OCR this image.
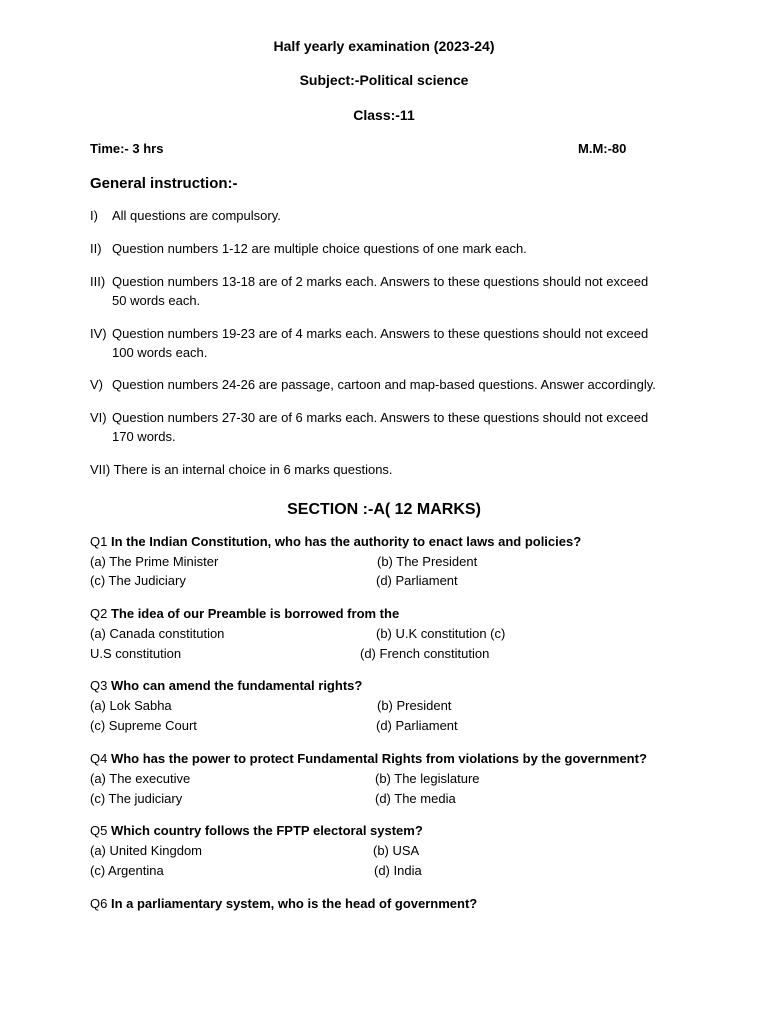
Half yearly examination (2023-24)
Subject:-Political science
Class:-11
Time:- 3 hrs	M.M:-80
General instruction:-
I) All questions are compulsory.
II) Question numbers 1-12 are multiple choice questions of one mark each.
III) Question numbers 13-18 are of 2 marks each. Answers to these questions should not exceed 50 words each.
IV) Question numbers 19-23 are of 4 marks each. Answers to these questions should not exceed 100 words each.
V) Question numbers 24-26 are passage, cartoon and map-based questions. Answer accordingly.
VI) Question numbers 27-30 are of 6 marks each. Answers to these questions should not exceed 170 words.
VII) There is an internal choice in 6 marks questions.
SECTION :-A( 12 MARKS)
Q1 In the Indian Constitution, who has the authority to enact laws and policies?
(a) The Prime Minister	(b) The President
(c) The Judiciary	(d) Parliament
Q2 The idea of our Preamble is borrowed from the
(a) Canada constitution	(b) U.K constitution (c)
U.S constitution	(d) French constitution
Q3 Who can amend the fundamental rights?
(a) Lok Sabha	(b) President
(c) Supreme Court	(d) Parliament
Q4 Who has the power to protect Fundamental Rights from violations by the government?
(a) The executive	(b) The legislature
(c) The judiciary	(d) The media
Q5 Which country follows the FPTP electoral system?
(a) United Kingdom	(b) USA
(c) Argentina	(d) India
Q6 In a parliamentary system, who is the head of government?
